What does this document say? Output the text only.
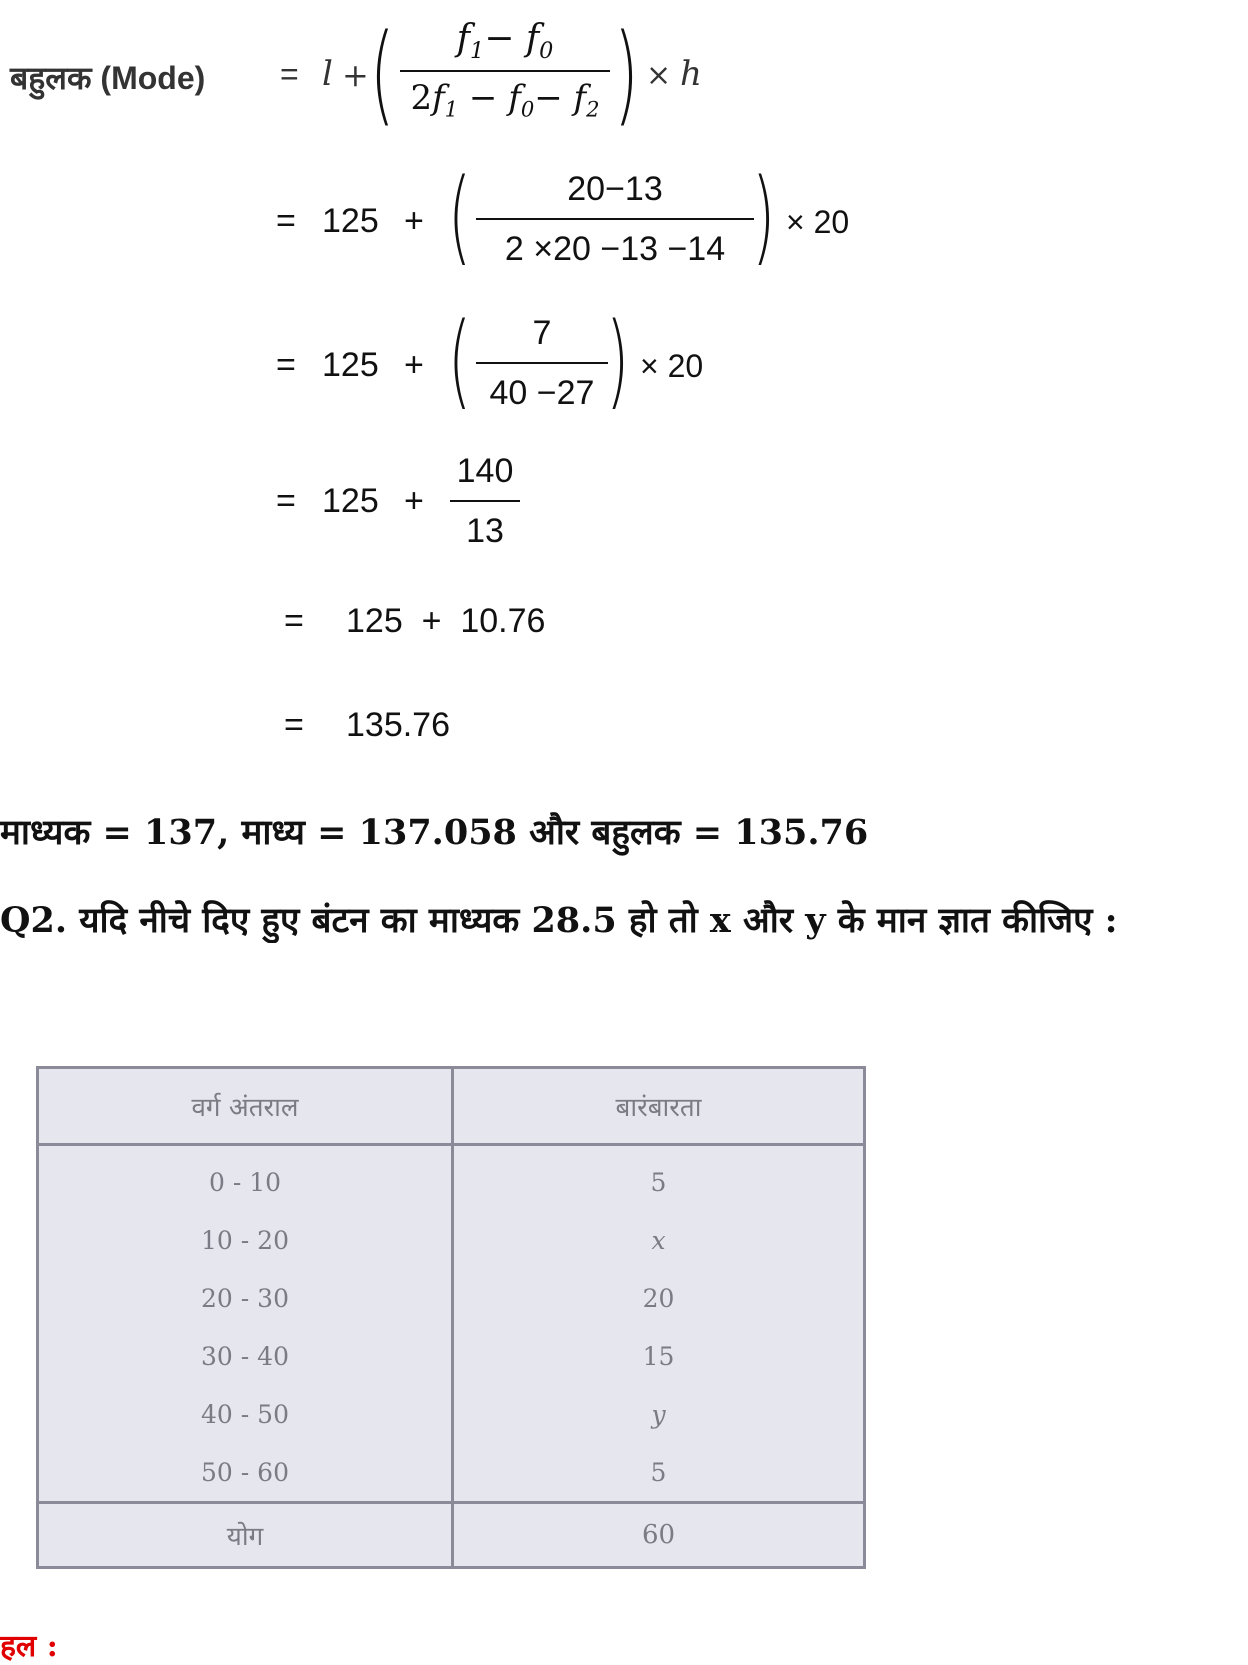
बहुलक (Mode) = l + (	$f_1- f_0$
$2f_1 - f_0- f_2$ ) × h
= 125 + (	20−13
2 ×20 −13 −14 ) × 20
= 125 + (	7
40 −27 ) × 20
= 125 +
140
13
= 125  +  10.76
= 135.76
माध्यक = 137, माध्य = 137.058 और बहुलक = 135.76
Q2. यदि नीचे दिए हुए बंटन का माध्यक 28.5 हो तो x और y के मान ज्ञात कीजिए :
वर्ग अंतराल	बारंबारता
0 - 10	5
10 - 20	x
20 - 30	20
30 - 40	15
40 - 50	y
50 - 60	5
योग	60
हल :
